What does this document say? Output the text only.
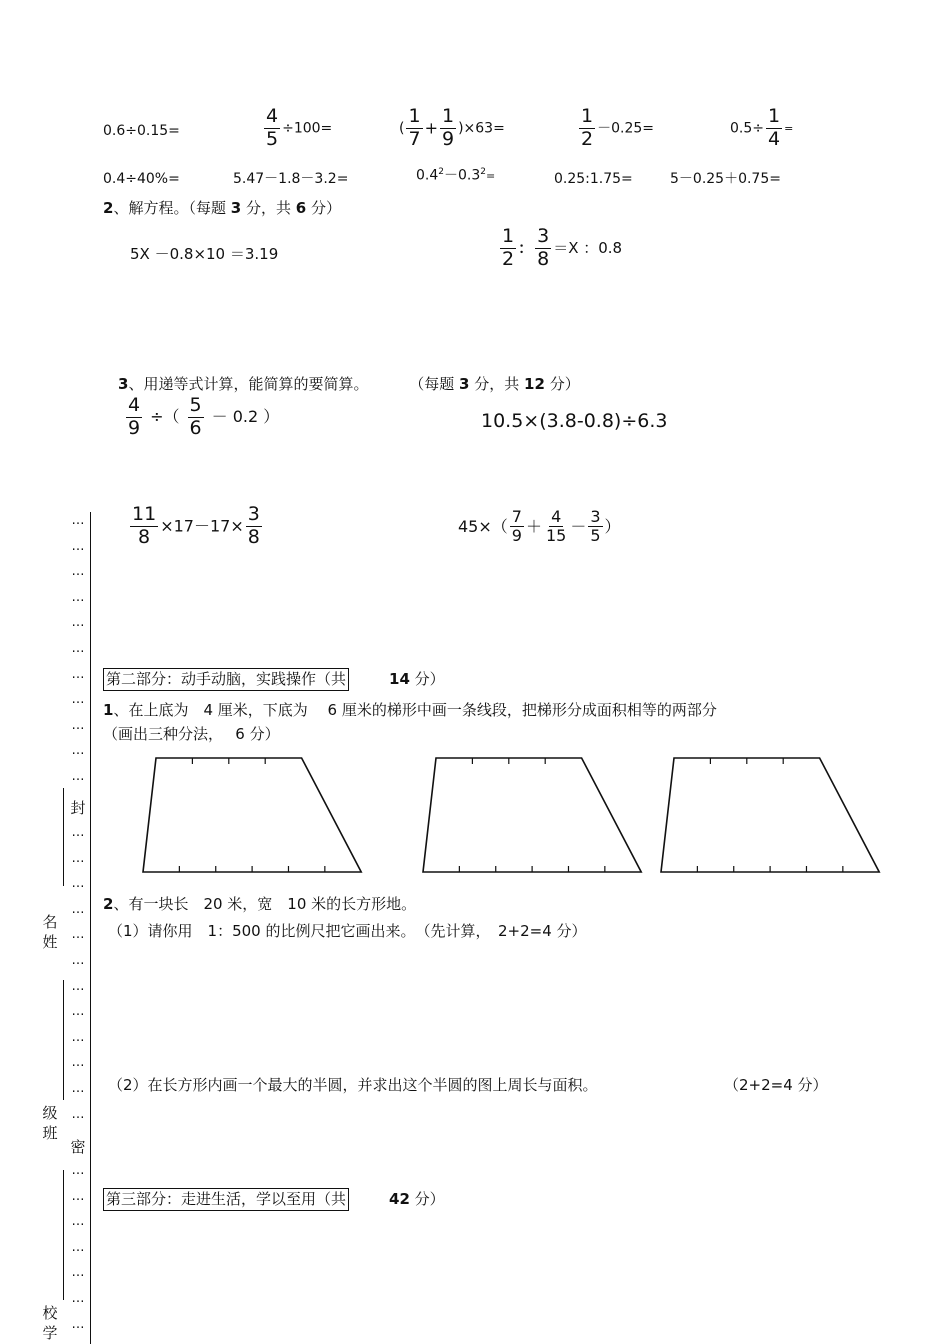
0.6÷0.15=	$\frac{4}{5} \div 100=$	( $\frac{1}{7} + \frac{1}{9} )\times 63=$	$\frac{1}{2} -0.25=$	$0.5\div \frac{1}{4}$ =
0.4÷40%=	5.47－1.8－3.2=	$0.4^2-0.3^2=$	0.25:1.75=	5－0.25＋0.75=
2、解方程。（每题 3 分，共 6 分）
5X －0.8×10 ＝3.19	$\frac{1}{2}$ ： $\frac{3}{8} =X$ ：0.8
3、用递等式计算，能简算的要简算。	（每题 3 分，共 12 分）
$\frac{4}{9}$ ÷（ $\frac{5}{6} - 0.2$ ）	10.5×(3.8-0.8)÷6.3
$\frac{11}{8} \times 17-17\times \frac{3}{8}$	$45\times( \frac{7}{9} + \frac{4}{15} - \frac{3}{5}$ ）
第二部分：动手动脑，实践操作（共	14 分）
1、在上底为　4 厘米，下底为　 6 厘米的梯形中画一条线段，把梯形分成面积相等的两部分
（画出三种分法，　 6 分）
2、有一块长　20 米，宽　10 米的长方形地。
（1）请你用　1：500 的比例尺把它画出来。　（先计算，　2+2=4 分）
（2）在长方形内画一个最大的半圆，并求出这个半圆的图上周长与面积。	（2+2=4 分）
第三部分：走进生活，学以至用（共	42 分）
…
…
…
…
…
…
…
…
…
…
…
封
…
…
…
…
…
…
…
…
…
…
…
…
密
…
…
…
…
…
…
…
名
姓
级
班
校
学
